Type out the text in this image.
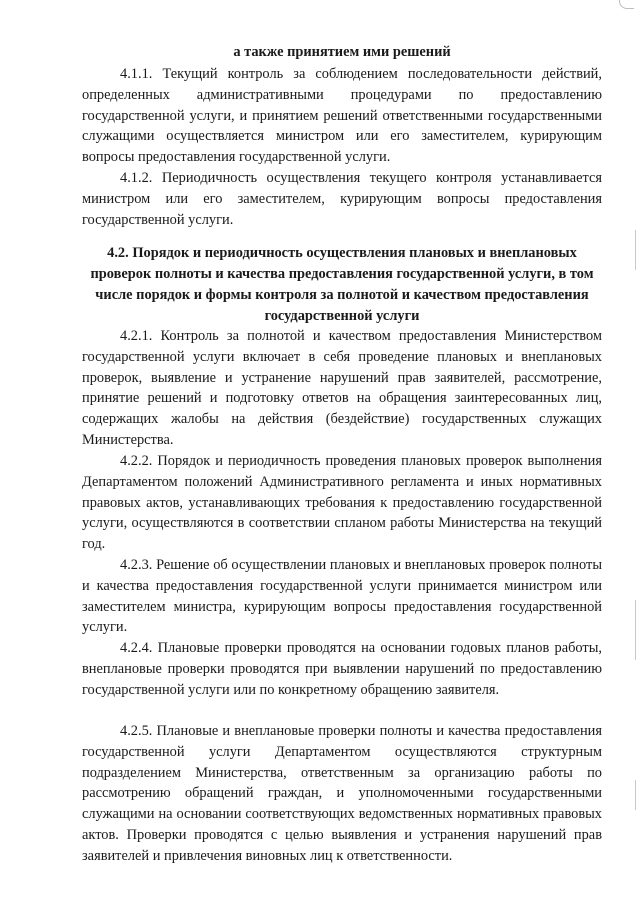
а также принятием ими решений
4.1.1. Текущий контроль за соблюдением последовательности действий, определенных административными процедурами по предоставлению государственной услуги, и принятием решений ответственными государственными служащими осуществляется министром или его заместителем, курирующим вопросы предоставления государственной услуги.
4.1.2. Периодичность осуществления текущего контроля устанавливается министром или его заместителем, курирующим вопросы предоставления государственной услуги.
4.2. Порядок и периодичность осуществления плановых и внеплановых проверок полноты и качества предоставления государственной услуги, в том числе порядок и формы контроля за полнотой и качеством предоставления государственной услуги
4.2.1. Контроль за полнотой и качеством предоставления Министерством государственной услуги включает в себя проведение плановых и внеплановых проверок, выявление и устранение нарушений прав заявителей, рассмотрение, принятие решений и подготовку ответов на обращения заинтересованных лиц, содержащих жалобы на действия (бездействие) государственных служащих Министерства.
4.2.2. Порядок и периодичность проведения плановых проверок выполнения Департаментом положений Административного регламента и иных нормативных правовых актов, устанавливающих требования к предоставлению государственной услуги, осуществляются в соответствии спланом работы Министерства на текущий год.
4.2.3. Решение об осуществлении плановых и внеплановых проверок полноты и качества предоставления государственной услуги принимается министром или заместителем министра, курирующим вопросы предоставления государственной услуги.
4.2.4. Плановые проверки проводятся на основании годовых планов работы, внеплановые проверки проводятся при выявлении нарушений по предоставлению государственной услуги или по конкретному обращению заявителя.
4.2.5. Плановые и внеплановые проверки полноты и качества предоставления государственной услуги Департаментом осуществляются структурным подразделением Министерства, ответственным за организацию работы по рассмотрению обращений граждан, и уполномоченными государственными служащими на основании соответствующих ведомственных нормативных правовых актов. Проверки проводятся с целью выявления и устранения нарушений прав заявителей и привлечения виновных лиц к ответственности.
